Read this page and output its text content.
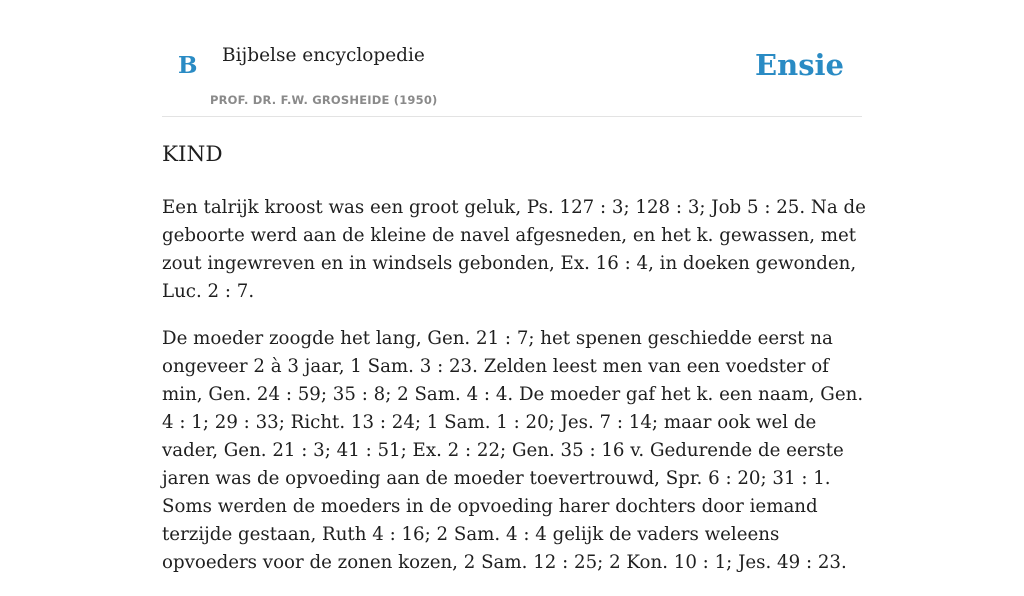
B Bijbelse encyclopedie
PROF. DR. F.W. GROSHEIDE (1950)
Ensie
KIND

Een talrijk kroost was een groot geluk, Ps. 127 : 3; 128 : 3; Job 5 : 25. Na de geboorte werd aan de kleine de navel afgesneden, en het k. gewassen, met zout ingewreven en in windsels gebonden, Ex. 16 : 4, in doeken gewonden, Luc. 2 : 7.

De moeder zoogde het lang, Gen. 21 : 7; het spenen geschiedde eerst na ongeveer 2 à 3 jaar, 1 Sam. 3 : 23. Zelden leest men van een voedster of min, Gen. 24 : 59; 35 : 8; 2 Sam. 4 : 4. De moeder gaf het k. een naam, Gen. 4 : 1; 29 : 33; Richt. 13 : 24; 1 Sam. 1 : 20; Jes. 7 : 14; maar ook wel de vader, Gen. 21 : 3; 41 : 51; Ex. 2 : 22; Gen. 35 : 16 v. Gedurende de eerste jaren was de opvoeding aan de moeder toevertrouwd, Spr. 6 : 20; 31 : 1. Soms werden de moeders in de opvoeding harer dochters door iemand terzijde gestaan, Ruth 4 : 16; 2 Sam. 4 : 4 gelijk de vaders weleens opvoeders voor de zonen kozen, 2 Sam. 12 : 25; 2 Kon. 10 : 1; Jes. 49 : 23.
